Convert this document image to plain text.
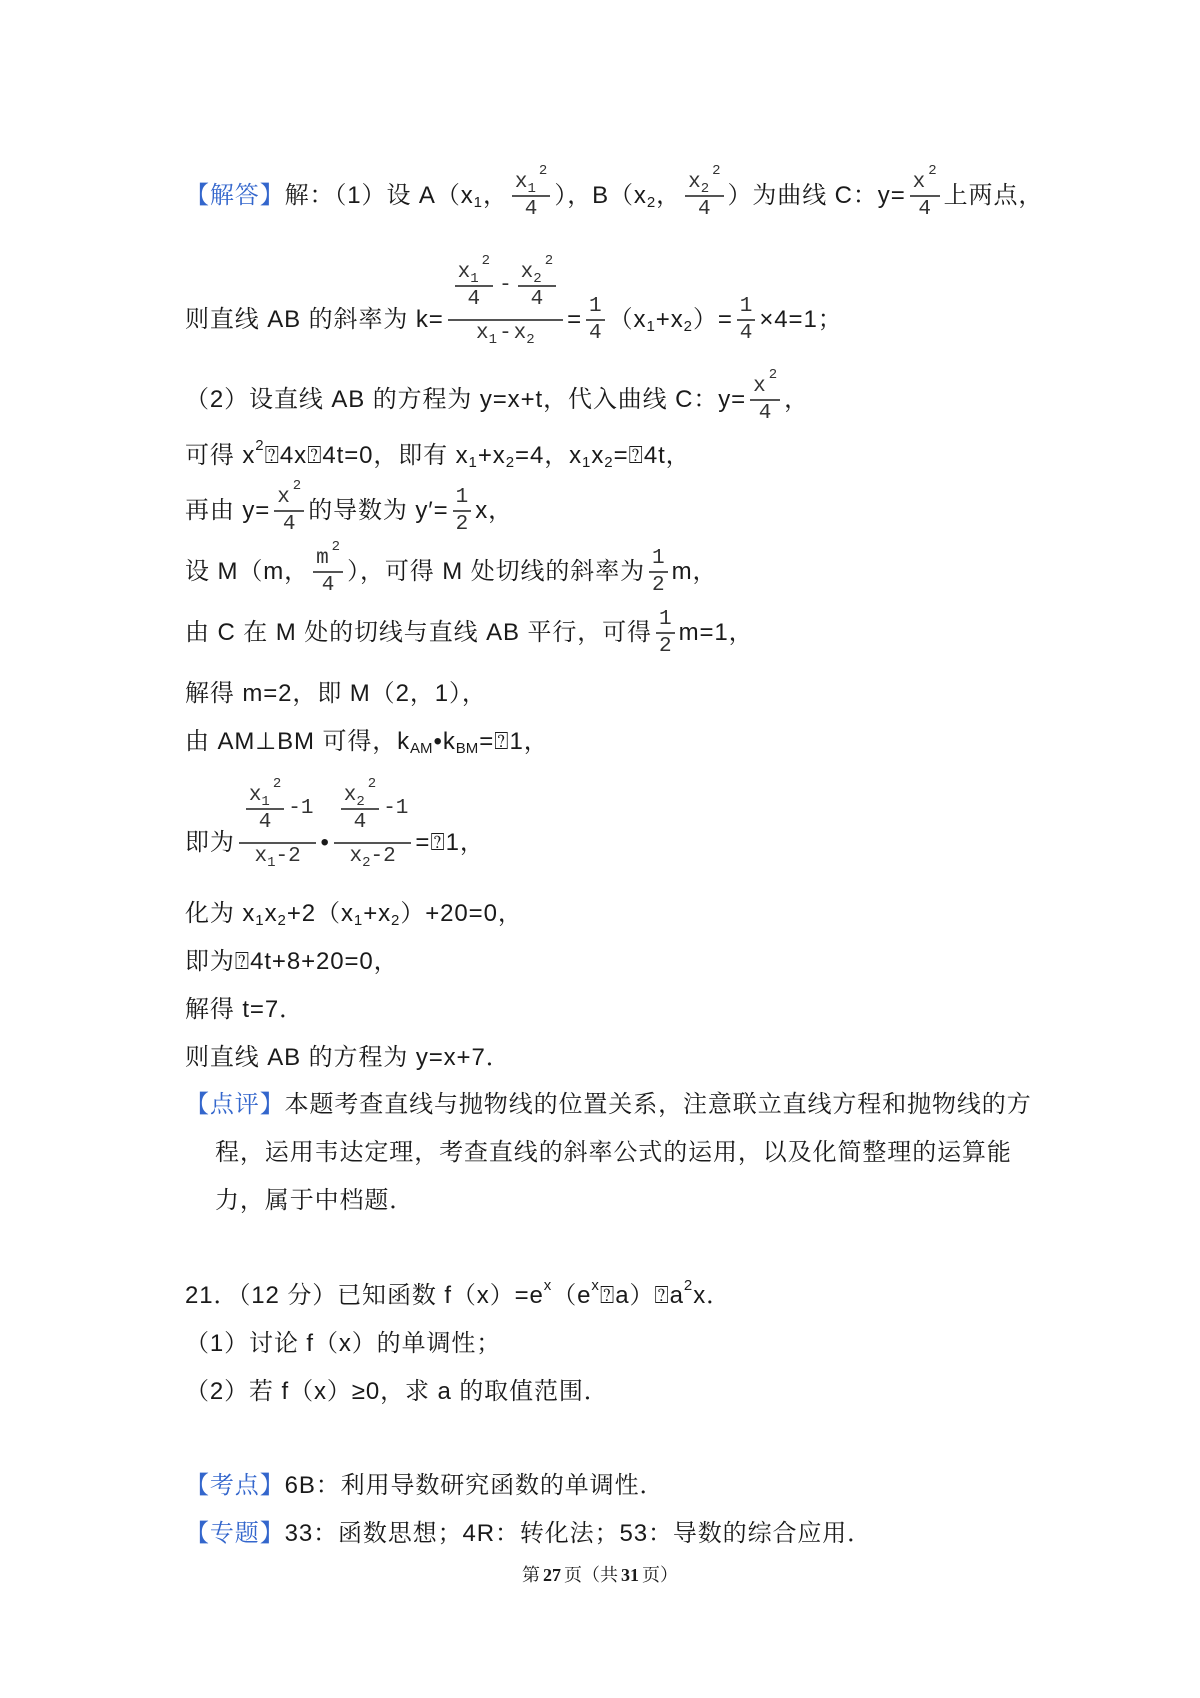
【解答】 解：（1）设 A（x 1 ， x 1
2
4 ），B（x 2 ， x 2
2
4 ）为曲线 C：$y= \frac{x 2}{4}$ 上两点，
则直线 AB 的斜率为 k=
x 1
2
4 - x 2
2
4
x 1 - x 2
= $\frac{1}{4} (x$ 1 +x 2 ）= $\frac{1}{4} \times 4=1$；
（2）设直线 AB 的方程为 y=x+t，代入曲线 C：$y= \frac{x 2}{4}$ ，
可得 x 2 ⍰4x⍰4t=0，即有 x 1 +x 2 =4，x 1 x 2 =⍰4t，
再由 $y= \frac{x 2}{4}$ 的导数为 $y'= \frac{1}{2}$ x，
设 M（m， $\frac{m 2}{4}$ ），可得 M 处切线的斜率为 $\frac{1}{2}$ m，
由 C 在 M 处的切线与直线 AB 平行，可得 $\frac{1}{2} m=1$，
解得 m=2，即 M（2，1），
由 AM⊥BM 可得，k AM •k BM =⍰1，
即为 x 1
2
4 -1
x 1 -2 • x 2
2
4 -1
x 2 -2 =⍰1，
化为 x 1 x 2 +2（x 1 +x 2 ）+20=0，
即为⍰4t+8+20=0，
解得 t=7．
则直线 AB 的方程为 y=x+7．
【点评】 本题考查直线与抛物线的位置关系，注意联立直线方程和抛物线的方
程，运用韦达定理，考查直线的斜率公式的运用，以及化简整理的运算能
力，属于中档题．
21．（12 分）已知函数 f（x）=e x （e x ⍰a）⍰a 2 x．
（1）讨论 f（x）的单调性；
（2）若 f（x）≥0，求 a 的取值范围．
【考点】 6B：利用导数研究函数的单调性．
【专题】 33：函数思想；4R：转化法；53：导数的综合应用．
第 27 页（共 31 页）
